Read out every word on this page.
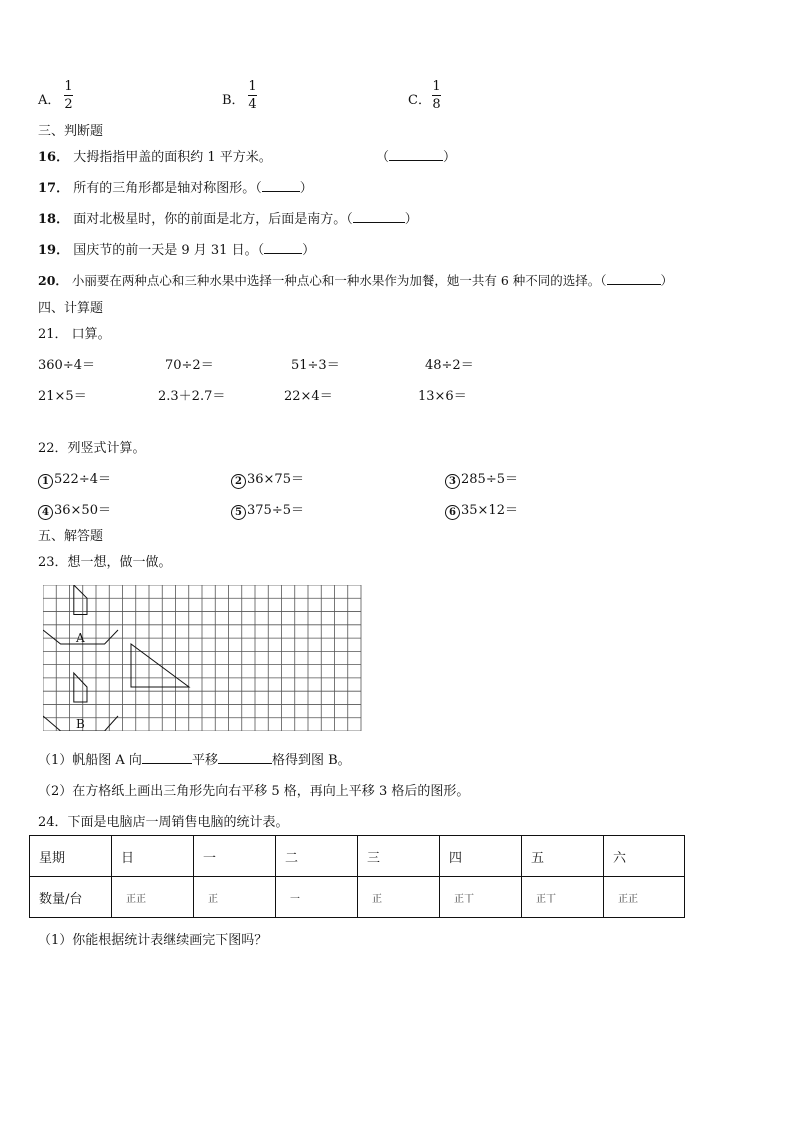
A．
1
2	B．
1
4	C．
1
8
三、判断题
16． 大拇指指甲盖的面积约 1 平方米。	（	）
17． 所有的三角形都是轴对称图形。（	）
18． 面对北极星时，你的前面是北方，后面是南方。（	）
19． 国庆节的前一天是 9 月 31 日。（	）
20． 小丽要在两种点心和三种水果中选择一种点心和一种水果作为加餐，她一共有 6 种不同的选择。（	）
四、计算题
21． 口算。
360÷4＝	70÷2＝	51÷3＝	48÷2＝
21×5＝	2.3＋2.7＝	22×4＝	13×6＝
22．列竖式计算。
1 522÷4＝	2 36×75＝	3 285÷5＝
4 36×50＝	5 375÷5＝	6 35×12＝
五、解答题
23．想一想，做一做。
A
B
（1）帆船图 A 向	平移	格得到图 B。
（2）在方格纸上画出三角形先向右平移 5 格，再向上平移 3 格后的图形。
24．下面是电脑店一周销售电脑的统计表。
星期	日	一	二	三	四	五	六
数量/台	正正	正	一	正	正丅	正丅	正正
（1）你能根据统计表继续画完下图吗？
